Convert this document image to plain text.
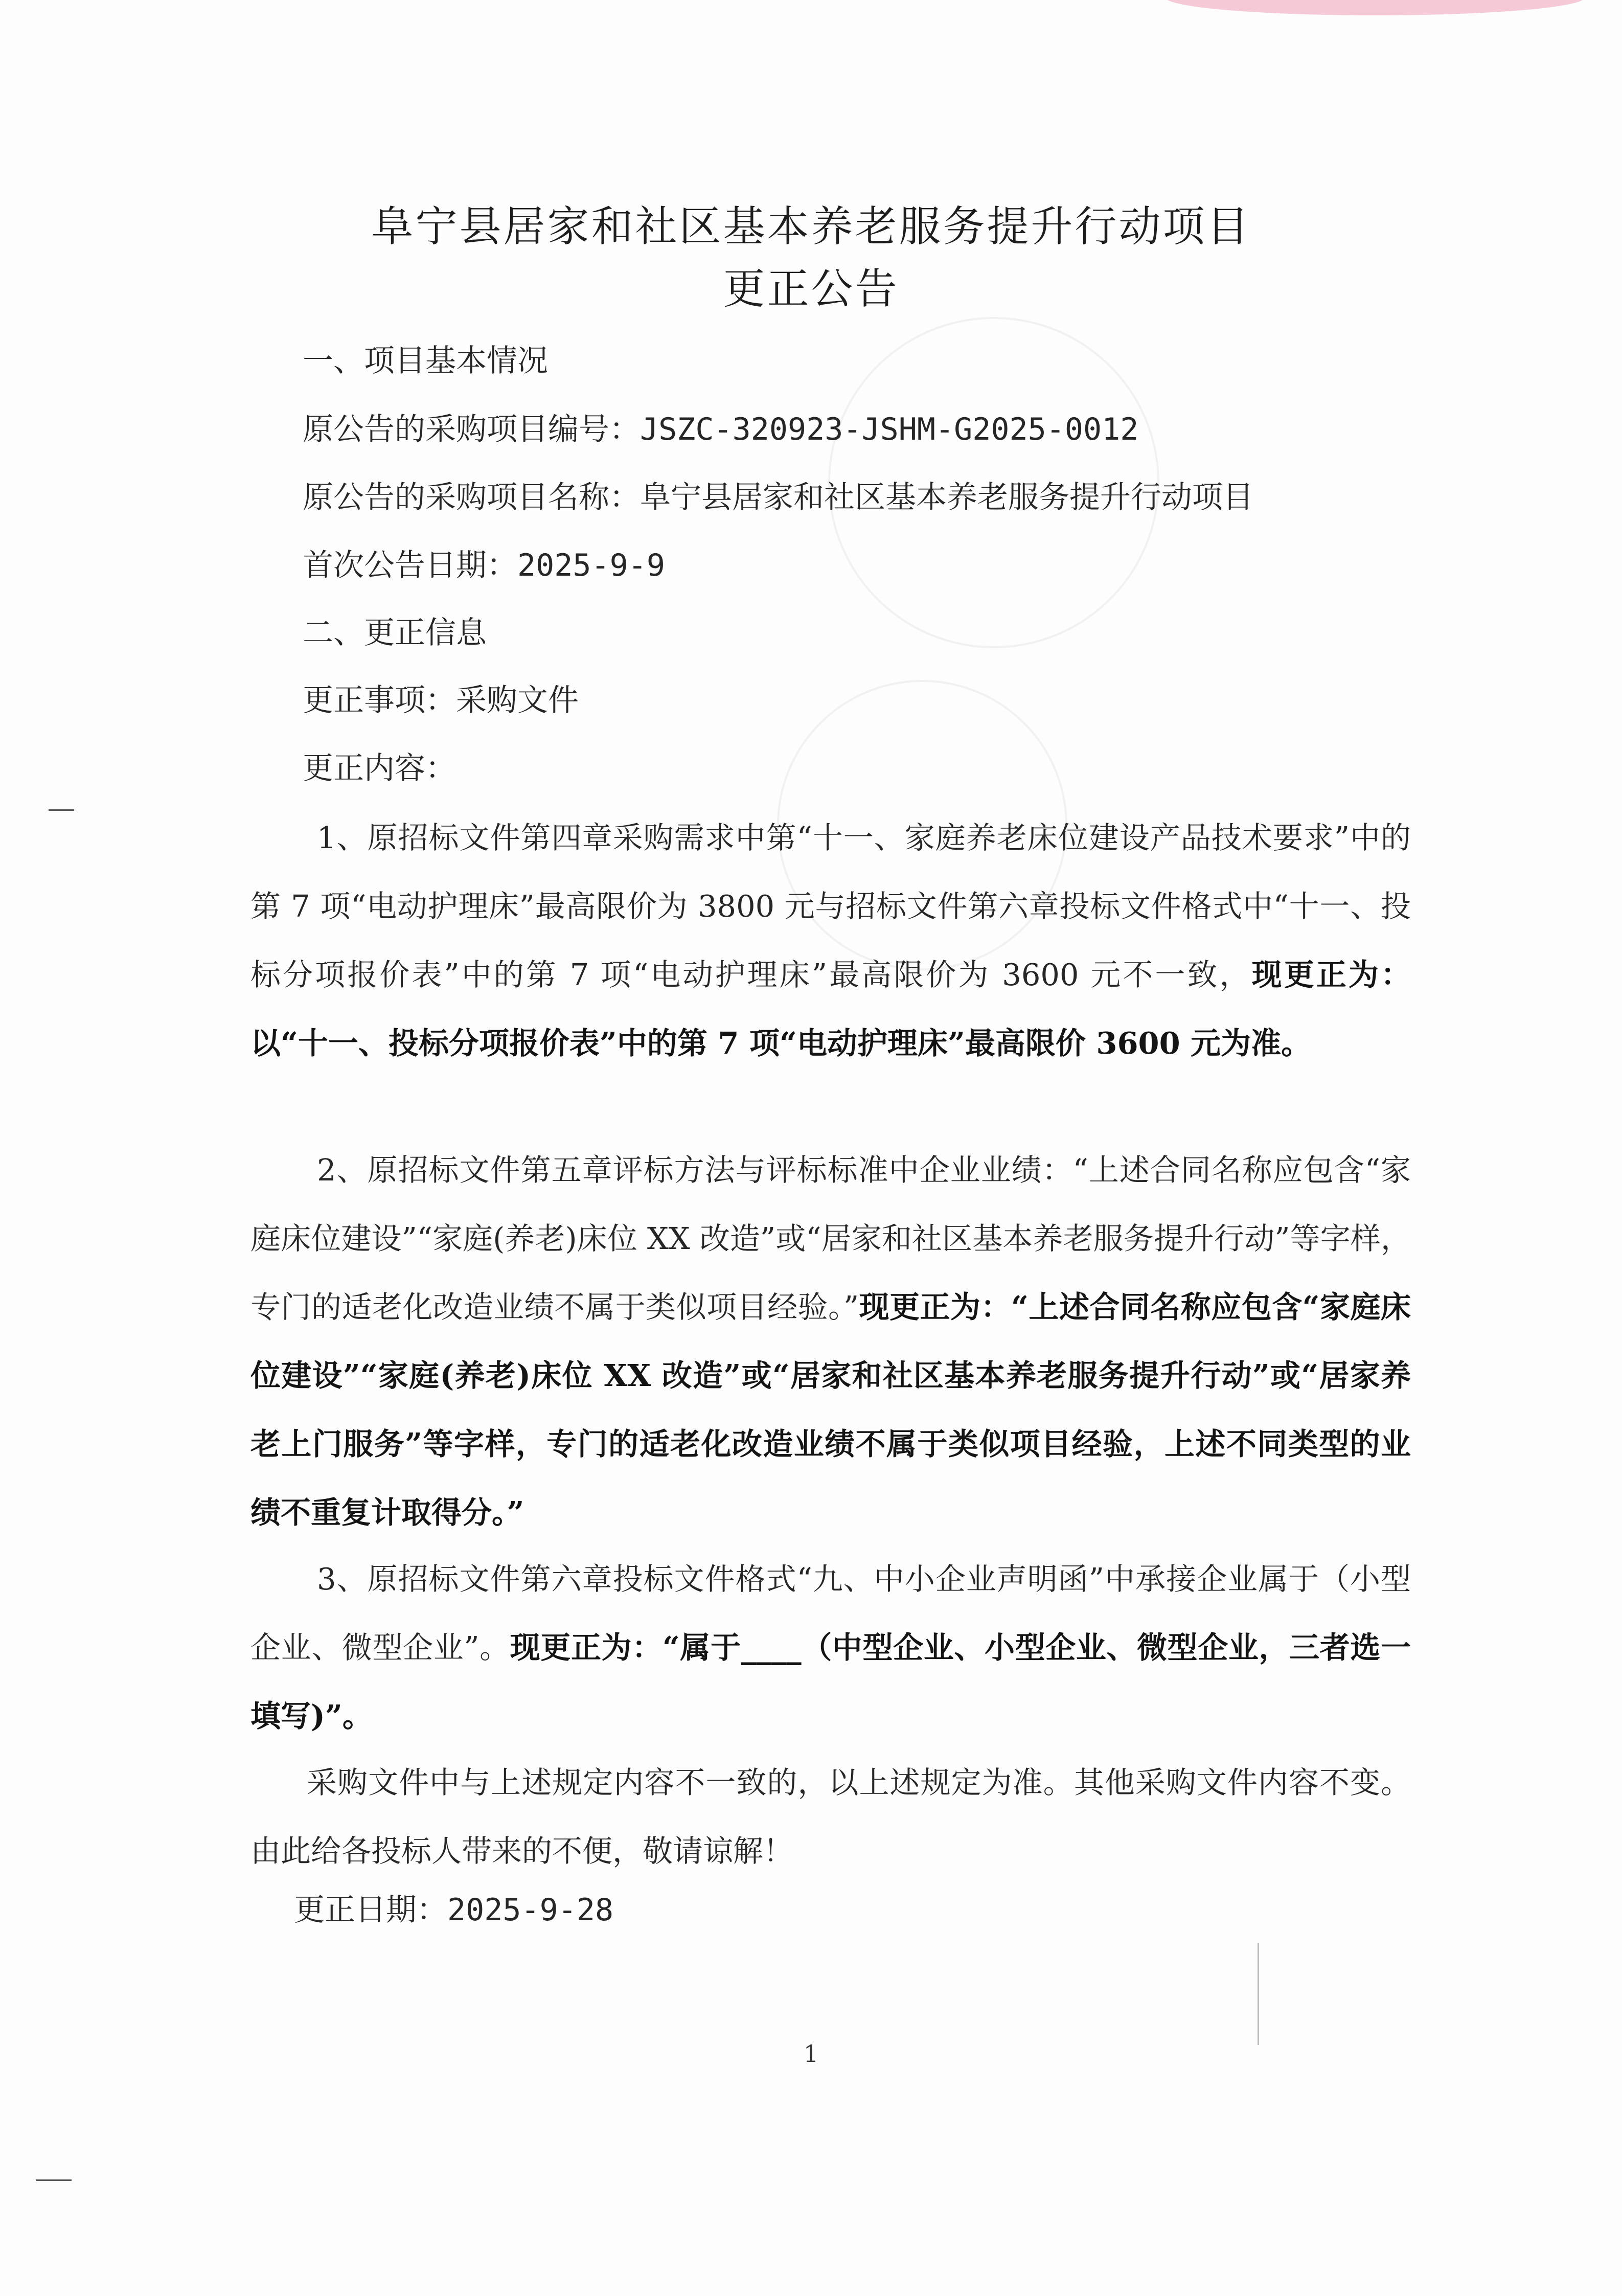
阜宁县居家和社区基本养老服务提升行动项目
更正公告
一、项目基本情况
原公告的采购项目编号：JSZC-320923-JSHM-G2025-0012
原公告的采购项目名称：阜宁县居家和社区基本养老服务提升行动项目
首次公告日期：2025-9-9
二、更正信息
更正事项：采购文件
更正内容：
1、原招标文件第四章采购需求中第“十一、家庭养老床位建设产品技术要求”中的第 7 项“电动护理床”最高限价为 3800 元与招标文件第六章投标文件格式中“十一、投标分项报价表”中的第 7 项“电动护理床”最高限价为 3600 元不一致，现更正为：以“十一、投标分项报价表”中的第 7 项“电动护理床”最高限价 3600 元为准。
2、原招标文件第五章评标方法与评标标准中企业业绩：“上述合同名称应包含“家庭床位建设”“家庭(养老)床位 XX 改造”或“居家和社区基本养老服务提升行动”等字样，专门的适老化改造业绩不属于类似项目经验。”现更正为：“上述合同名称应包含“家庭床位建设”“家庭(养老)床位 XX 改造”或“居家和社区基本养老服务提升行动”或“居家养老上门服务”等字样，专门的适老化改造业绩不属于类似项目经验，上述不同类型的业绩不重复计取得分。”
3、原招标文件第六章投标文件格式“九、中小企业声明函”中承接企业属于（小型企业、微型企业”。现更正为：“属于____（中型企业、小型企业、微型企业，三者选一填写)”。
采购文件中与上述规定内容不一致的，以上述规定为准。其他采购文件内容不变。由此给各投标人带来的不便，敬请谅解！
更正日期：2025-9-28
1
